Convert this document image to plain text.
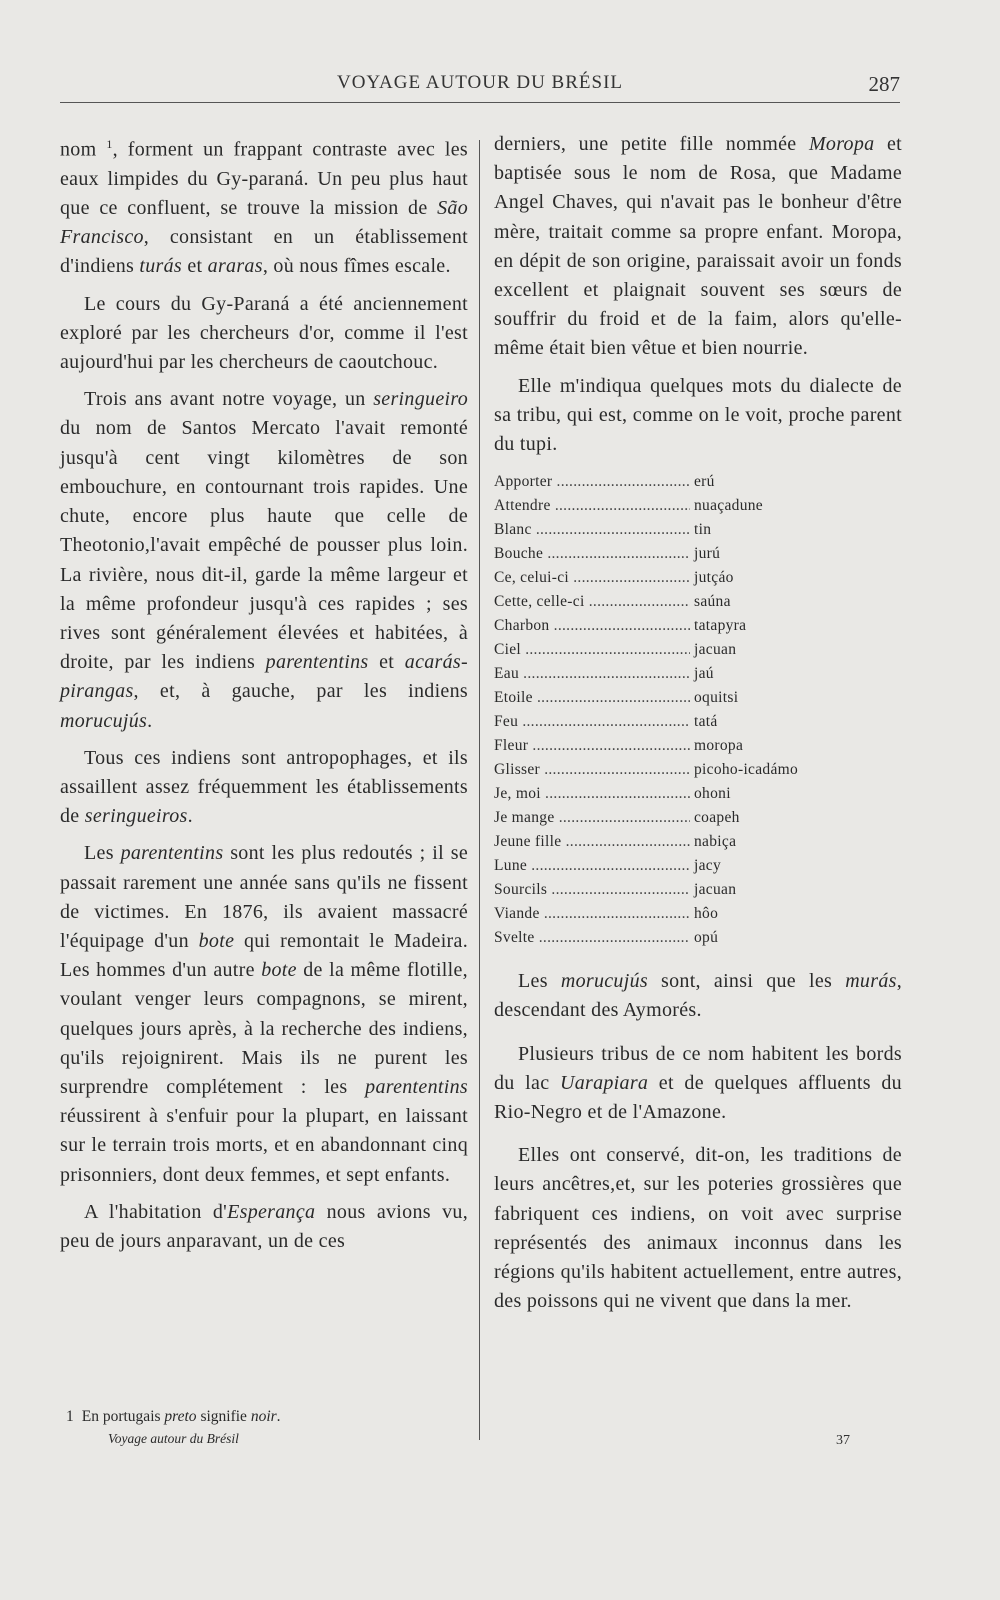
VOYAGE AUTOUR DU BRÉSIL	287

nom $^1$, forment un frappant contraste avec les eaux limpides du Gy-paraná. Un peu plus haut que ce confluent, se trouve la mission de São Francisco, consistant en un établissement d'indiens turás et araras, où nous fîmes escale.

Le cours du Gy-Paraná a été anciennement exploré par les chercheurs d'or, comme il l'est aujourd'hui par les chercheurs de caoutchouc.

Trois ans avant notre voyage, un seringueiro du nom de Santos Mercato l'avait remonté jusqu'à cent vingt kilomètres de son embouchure, en contournant trois rapides. Une chute, encore plus haute que celle de Theotonio,l'avait empêché de pousser plus loin. La rivière, nous dit-il, garde la même largeur et la même profondeur jusqu'à ces rapides ; ses rives sont généralement élevées et habitées, à droite, par les indiens parententins et acarás-pirangas, et, à gauche, par les indiens morucujús.

Tous ces indiens sont antropophages, et ils assaillent assez fréquemment les établissements de seringueiros.

Les parententins sont les plus redoutés ; il se passait rarement une année sans qu'ils ne fissent de victimes. En 1876, ils avaient massacré l'équipage d'un bote qui remontait le Madeira. Les hommes d'un autre bote de la même flotille, voulant venger leurs compagnons, se mirent, quelques jours après, à la recherche des indiens, qu'ils rejoignirent. Mais ils ne purent les surprendre complétement : les parententins réussirent à s'enfuir pour la plupart, en laissant sur le terrain trois morts, et en abandonnant cinq prisonniers, dont deux femmes, et sept enfants.

A l'habitation d'Esperança nous avions vu, peu de jours anparavant, un de ces

1 En portugais preto signifie noir.
Voyage autour du Brésil

derniers, une petite fille nommée Moropa et baptisée sous le nom de Rosa, que Madame Angel Chaves, qui n'avait pas le bonheur d'être mère, traitait comme sa propre enfant. Moropa, en dépit de son origine, paraissait avoir un fonds excellent et plaignait souvent ses sœurs de souffrir du froid et de la faim, alors qu'elle-même était bien vêtue et bien nourrie.

Elle m'indiqua quelques mots du dialecte de sa tribu, qui est, comme on le voit, proche parent du tupi.

Apporter .....	erú
Attendre .....	nuaçadune
Blanc .....	tin
Bouche .....	jurú
Ce, celui-ci .....	jutçáo
Cette, celle-ci .....	saúna
Charbon .....	tatapyra
Ciel .....	jacuan
Eau .....	jaú
Etoile .....	oquitsi
Feu .....	tatá
Fleur .....	moropa
Glisser .....	picoho-icadámo
Je, moi .....	ohoni
Je mange .....	coapeh
Jeune fille .....	nabiça
Lune .....	jacy
Sourcils .....	jacuan
Viande .....	hôo
Svelte .....	opú

Les morucujús sont, ainsi que les murás, descendant des Aymorés.

Plusieurs tribus de ce nom habitent les bords du lac Uarapiara et de quelques affluents du Rio-Negro et de l'Amazone.

Elles ont conservé, dit-on, les traditions de leurs ancêtres,et, sur les poteries grossières que fabriquent ces indiens, on voit avec surprise représentés des animaux inconnus dans les régions qu'ils habitent actuellement, entre autres, des poissons qui ne vivent que dans la mer.

37
